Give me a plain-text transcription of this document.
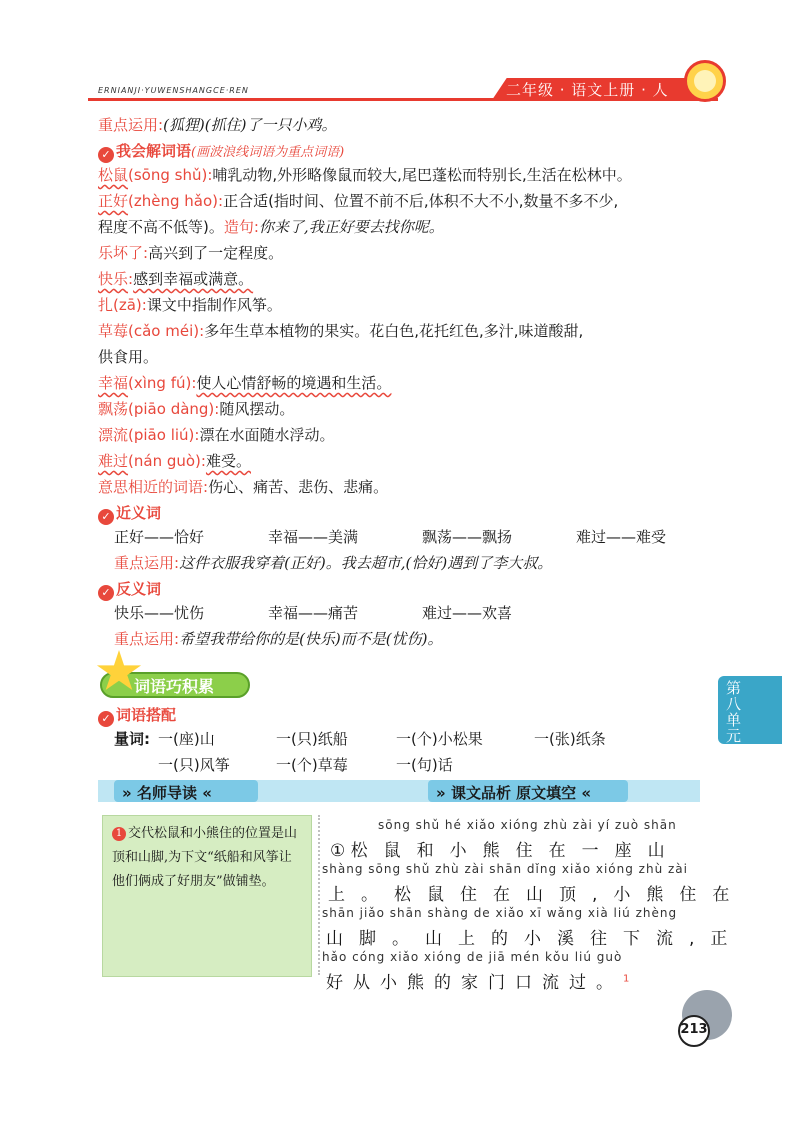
ERNIANJI·YUWENSHANGCE·REN	二年级 · 语文上册 · 人
重点运用:(狐狸)(抓住)了一只小鸡。
✓ 我会解词语(画波浪线词语为重点词语)
松鼠(sōng shǔ):哺乳动物,外形略像鼠而较大,尾巴蓬松而特别长,生活在松林中。
正好(zhèng hǎo):正合适(指时间、位置不前不后,体积不大不小,数量不多不少,
程度不高不低等)。造句:你来了,我正好要去找你呢。
乐坏了:高兴到了一定程度。
快乐:感到幸福或满意。
扎(zā):课文中指制作风筝。
草莓(cǎo méi):多年生草本植物的果实。花白色,花托红色,多汁,味道酸甜,
供食用。
幸福(xìng fú):使人心情舒畅的境遇和生活。
飘荡(piāo dàng):随风摆动。
漂流(piāo liú):漂在水面随水浮动。
难过(nán guò):难受。
意思相近的词语:伤心、痛苦、悲伤、悲痛。
✓ 近义词
正好——恰好	幸福——美满	飘荡——飘扬	难过——难受
重点运用:这件衣服我穿着(正好)。我去超市,(恰好)遇到了李大叔。
✓ 反义词
快乐——忧伤	幸福——痛苦	难过——欢喜
重点运用:希望我带给你的是(快乐)而不是(忧伤)。
词语巧积累
✓ 词语搭配
量词: 一(座)山	一(只)纸船	一(个)小松果	一(张)纸条
一(只)风筝	一(个)草莓	一(句)话
第八单元
» 名师导读 «	» 课文品析 原文填空 «
1 交代松鼠和小熊住的位置是山顶和山脚,为下文“纸船和风筝让他们俩成了好朋友”做铺垫。
sōng shǔ hé xiǎo xióng zhù zài yí zuò shān
① 松鼠和小熊住在一座山
shàng sōng shǔ zhù zài shān dǐng xiǎo xióng zhù zài
上。松鼠住在山顶,小熊住在
shān jiǎo shān shàng de xiǎo xī wǎng xià liú zhèng
山脚。山上的小溪往下流,正
hǎo cóng xiǎo xióng de jiā mén kǒu liú guò
好从小熊的家门口流过。$^1$
213
